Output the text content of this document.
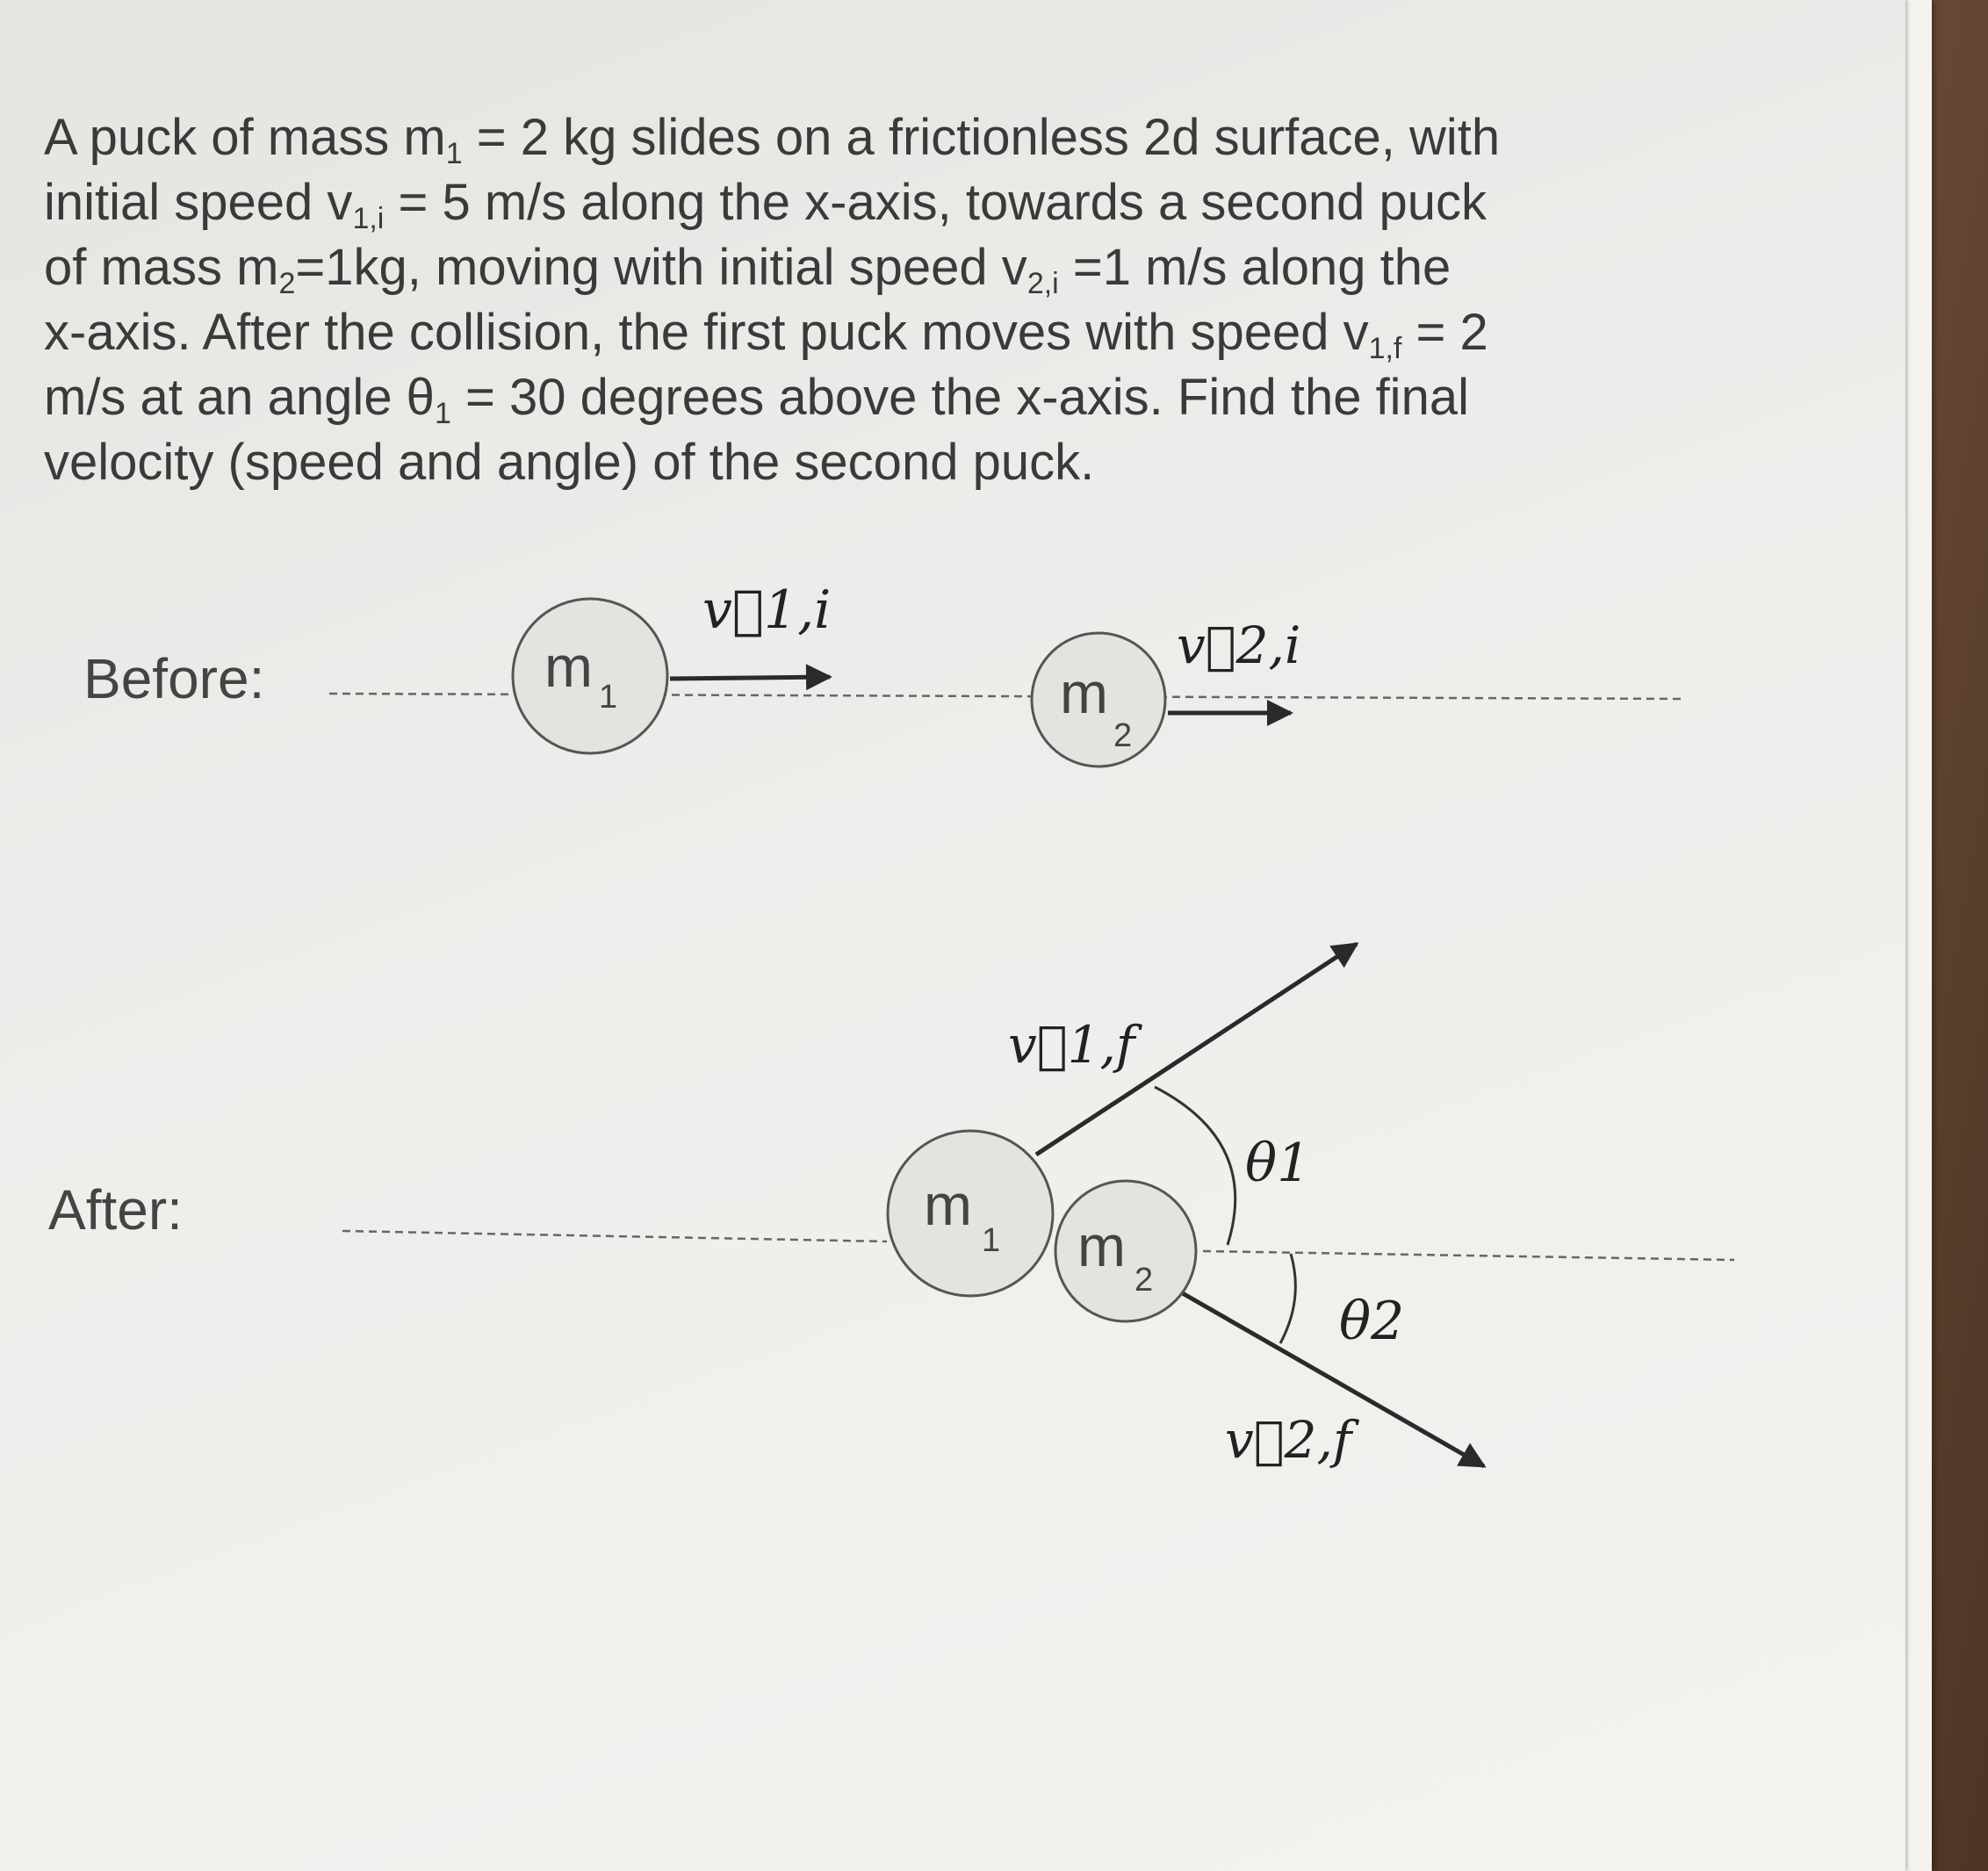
A puck of mass $m_1 = 2$ kg slides on a frictionless 2d surface, with
initial speed $v_{1,i} = 5$ m/s along the x-axis, towards a second puck
of mass $m_2=1kg$, moving with initial speed $v_{2,i} =1$ m/s along the
x-axis. After the collision, the first puck moves with speed $v_{1,f} = 2$
m/s at an angle $\theta_1 = 30$ degrees above the x-axis. Find the final
velocity (speed and angle) of the second puck.

Before:	m 1
v⃗1,i
m
2
v⃗2,i
After:
v⃗1,f
θ1
θ2
v⃗2,f
m
1 m
2
